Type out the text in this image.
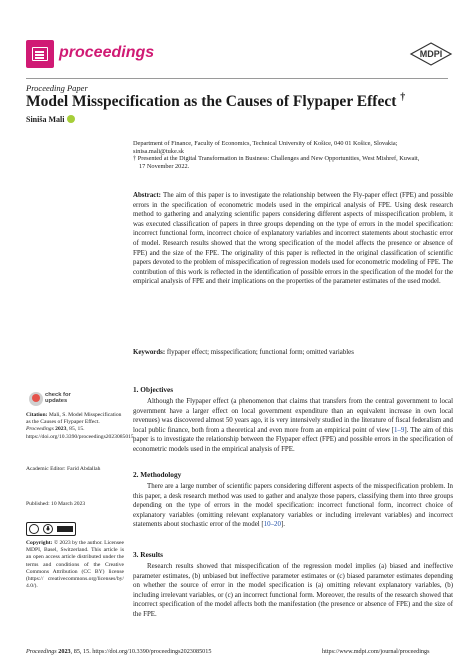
proceedings	MDPI
Proceeding Paper
Model Misspecification as the Causes of Flypaper Effect †
Siniša Mali
Department of Finance, Faculty of Economics, Technical University of Košice, 040 01 Košice, Slovakia;
sinisa.mali@tuke.sk
† Presented at the Digital Transformation in Business: Challenges and New Opportunities, West Mishref, Kuwait,
17 November 2022.

Abstract: The aim of this paper is to investigate the relationship between the Fly-paper effect (FPE) and possible errors in the specification of econometric models used in the empirical analysis of FPE. Using desk research method to gathering and analyzing scientific papers considering different aspects of misspecification problem, it was executed classification of papers in three groups depending on the type of errors in the model specification: incorrect functional form, incorrect choice of explanatory variables and incorrect statements about stochastic error of model. Research results showed that the wrong specification of the model affects the presence or absence of FPE) and the size of the FPE. The originality of this paper is reflected in the original classification of scientific papers devoted to the problem of misspecification of regression models used for econometric modeling of FPE. The contribution of this work is reflected in the identification of possible errors in the specification of the model for the empirical analysis of FPE and their implications on the properties of the parameter estimates of the used model.

Keywords: flypaper effect; misspecification; functional form; omitted variables

1. Objectives

Although the Flypaper effect (a phenomenon that claims that transfers from the central government to local government have a larger effect on local government expenditure than an equivalent increase in own local revenues) was discovered almost 50 years ago, it is very intensively studied in the literature of fiscal federalism and local public finance, both from a theoretical and even more from an empirical point of view [1–9]. The aim of this paper is to investigate the relationship between the Flypaper effect (FPE) and possible errors in the specification of econometric models used in the empirical analysis of FPE.

2. Methodology

There are a large number of scientific papers considering different aspects of the misspecification problem. In this paper, a desk research method was used to gather and analyze those papers, classifying them into three groups depending on the type of errors in the model specification: incorrect functional form, incorrect choice of explanatory variables (omitting relevant explanatory variables or including irrelevant variables) and incorrect statements about stochastic error of the model [10–20].

3. Results

Research results showed that misspecification of the regression model implies (a) biased and ineffective parameter estimates, (b) unbiased but ineffective parameter estimates or (c) biased parameter estimates depending on whether the source of error in the model specification is (a) omitting relevant explanatory variables, (b) including irrelevant variables, or (c) an incorrect functional form. Moreover, the results of the research showed that incorrect specification of the model affects both the manifestation (the presence or absence of FPE) and the size of the FPE.

check for
updates
Citation: Mali, S. Model Misspecification as the Causes of Flypaper Effect. Proceedings 2023, 85, 15. https://doi.org/10.3390/proceedings2023085015
Academic Editor: Farid Abdallah
Published: 10 March 2023
Copyright: © 2023 by the author. Licensee MDPI, Basel, Switzerland. This article is an open access article distributed under the terms and conditions of the Creative Commons Attribution (CC BY) license (https:// creativecommons.org/licenses/by/ 4.0/).
Proceedings 2023, 85, 15. https://doi.org/10.3390/proceedings2023085015	https://www.mdpi.com/journal/proceedings
